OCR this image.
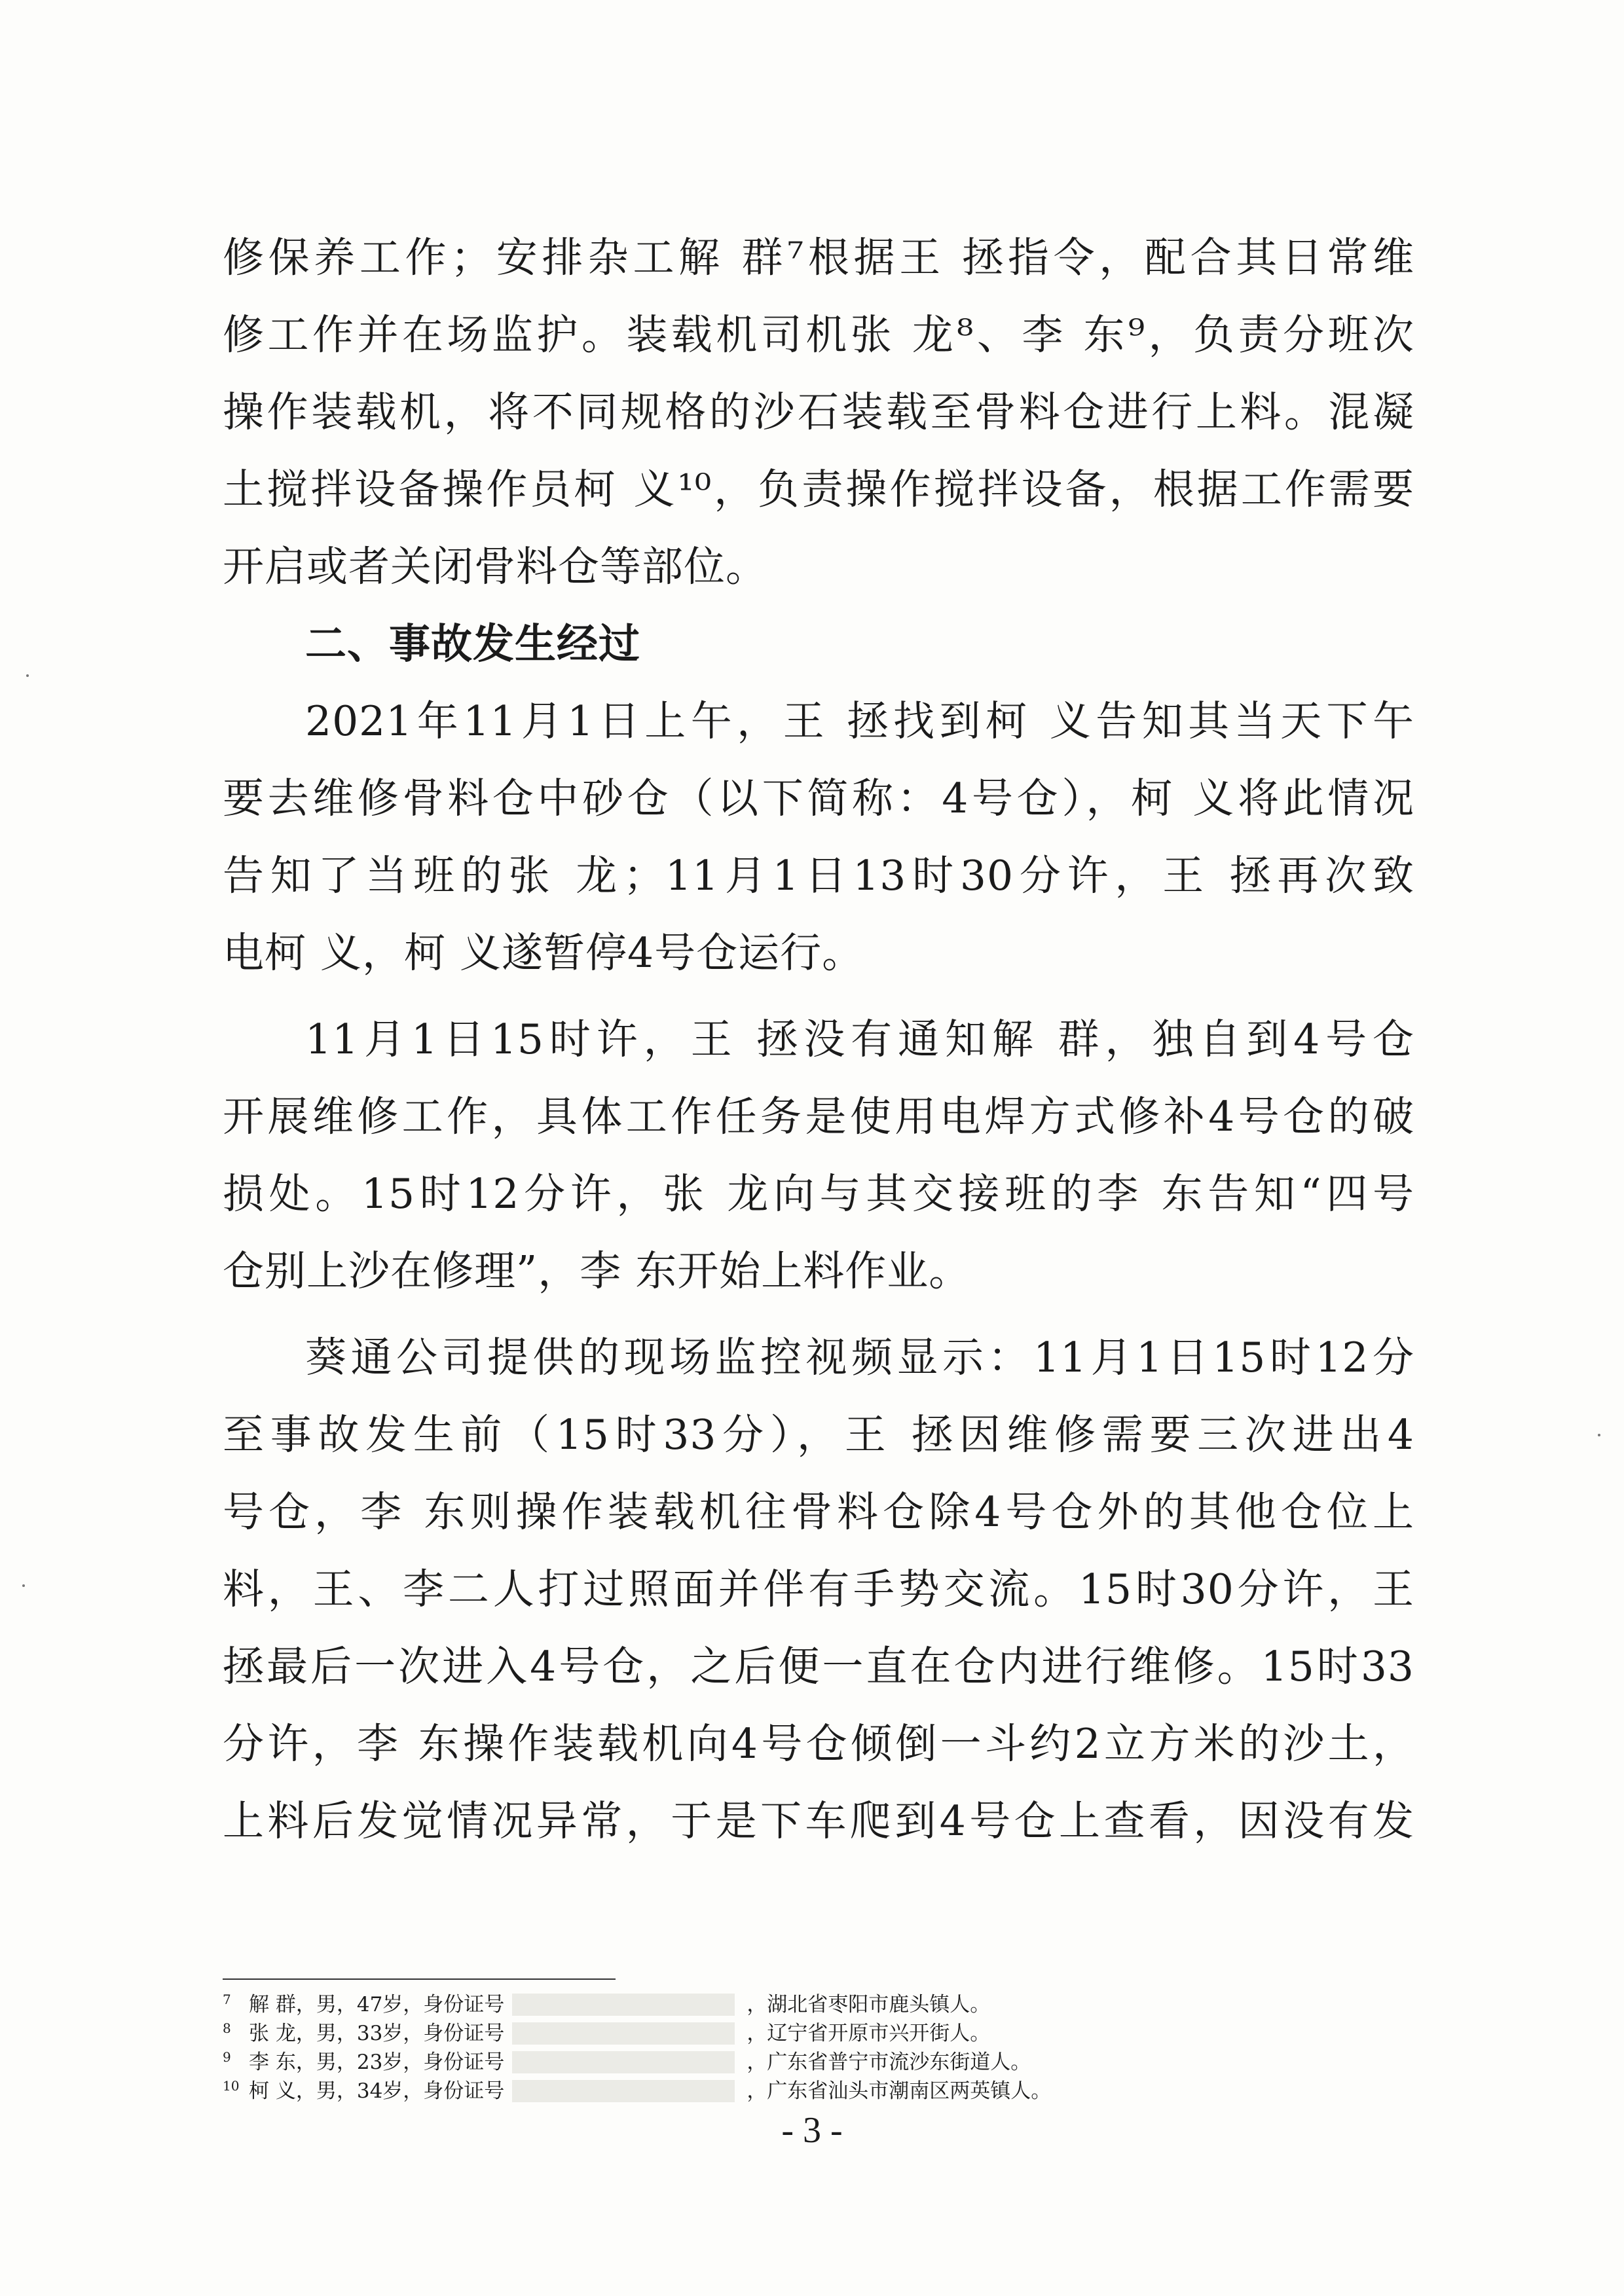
修保养工作；安排杂工解 群⁷根据王 拯指令，配合其日常维
修工作并在场监护。装载机司机张 龙⁸、李 东⁹，负责分班次
操作装载机，将不同规格的沙石装载至骨料仓进行上料。混凝
土搅拌设备操作员柯 义¹⁰，负责操作搅拌设备，根据工作需要
开启或者关闭骨料仓等部位。
二、事故发生经过
2021年11月1日上午，王 拯找到柯 义告知其当天下午
要去维修骨料仓中砂仓（以下简称：4号仓），柯 义将此情况
告知了当班的张 龙；11月1日13时30分许，王 拯再次致
电柯 义，柯 义遂暂停4号仓运行。
11月1日15时许，王 拯没有通知解 群，独自到4号仓
开展维修工作，具体工作任务是使用电焊方式修补4号仓的破
损处。15时12分许，张 龙向与其交接班的李 东告知“四号
仓别上沙在修理”，李 东开始上料作业。
葵通公司提供的现场监控视频显示：11月1日15时12分
至事故发生前（15时33分），王 拯因维修需要三次进出4
号仓，李 东则操作装载机往骨料仓除4号仓外的其他仓位上
料，王、李二人打过照面并伴有手势交流。15时30分许，王
拯最后一次进入4号仓，之后便一直在仓内进行维修。15时33
分许，李 东操作装载机向4号仓倾倒一斗约2立方米的沙土，
上料后发觉情况异常，于是下车爬到4号仓上查看，因没有发
7 解 群 ，男，47岁，身份证号	，湖北省枣阳市鹿头镇人。
8 张 龙 ，男，33岁，身份证号	，辽宁省开原市兴开街人。
9 李 东 ，男，23岁，身份证号	，广东省普宁市流沙东街道人。
10 柯 义 ，男，34岁，身份证号	，广东省汕头市潮南区两英镇人。
- 3 -
